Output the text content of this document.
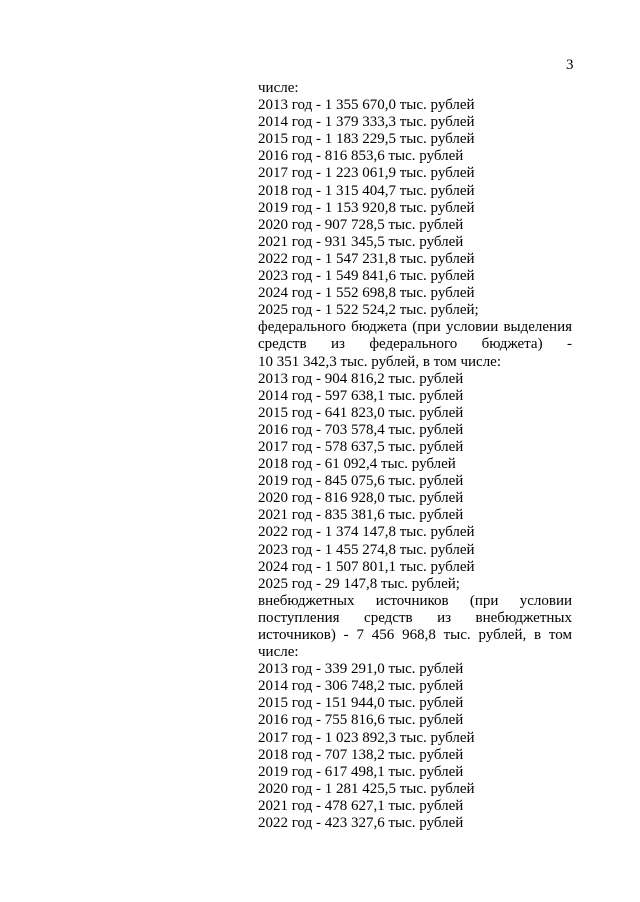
3
числе:
2013 год - 1 355 670,0 тыс. рублей
2014 год - 1 379 333,3 тыс. рублей
2015 год - 1 183 229,5 тыс. рублей
2016 год - 816 853,6 тыс. рублей
2017 год - 1 223 061,9 тыс. рублей
2018 год - 1 315 404,7 тыс. рублей
2019 год - 1 153 920,8 тыс. рублей
2020 год - 907 728,5 тыс. рублей
2021 год - 931 345,5 тыс. рублей
2022 год - 1 547 231,8 тыс. рублей
2023 год - 1 549 841,6 тыс. рублей
2024 год - 1 552 698,8 тыс. рублей
2025 год - 1 522 524,2 тыс. рублей;
федерального бюджета (при условии выделения
средств из федерального бюджета) -
10 351 342,3 тыс. рублей, в том числе:
2013 год - 904 816,2 тыс. рублей
2014 год - 597 638,1 тыс. рублей
2015 год - 641 823,0 тыс. рублей
2016 год - 703 578,4 тыс. рублей
2017 год - 578 637,5 тыс. рублей
2018 год - 61 092,4 тыс. рублей
2019 год - 845 075,6 тыс. рублей
2020 год - 816 928,0 тыс. рублей
2021 год - 835 381,6 тыс. рублей
2022 год - 1 374 147,8 тыс. рублей
2023 год - 1 455 274,8 тыс. рублей
2024 год - 1 507 801,1 тыс. рублей
2025 год - 29 147,8 тыс. рублей;
внебюджетных источников (при условии
поступления средств из внебюджетных
источников) - 7 456 968,8 тыс. рублей, в том
числе:
2013 год - 339 291,0 тыс. рублей
2014 год - 306 748,2 тыс. рублей
2015 год - 151 944,0 тыс. рублей
2016 год - 755 816,6 тыс. рублей
2017 год - 1 023 892,3 тыс. рублей
2018 год - 707 138,2 тыс. рублей
2019 год - 617 498,1 тыс. рублей
2020 год - 1 281 425,5 тыс. рублей
2021 год - 478 627,1 тыс. рублей
2022 год - 423 327,6 тыс. рублей
